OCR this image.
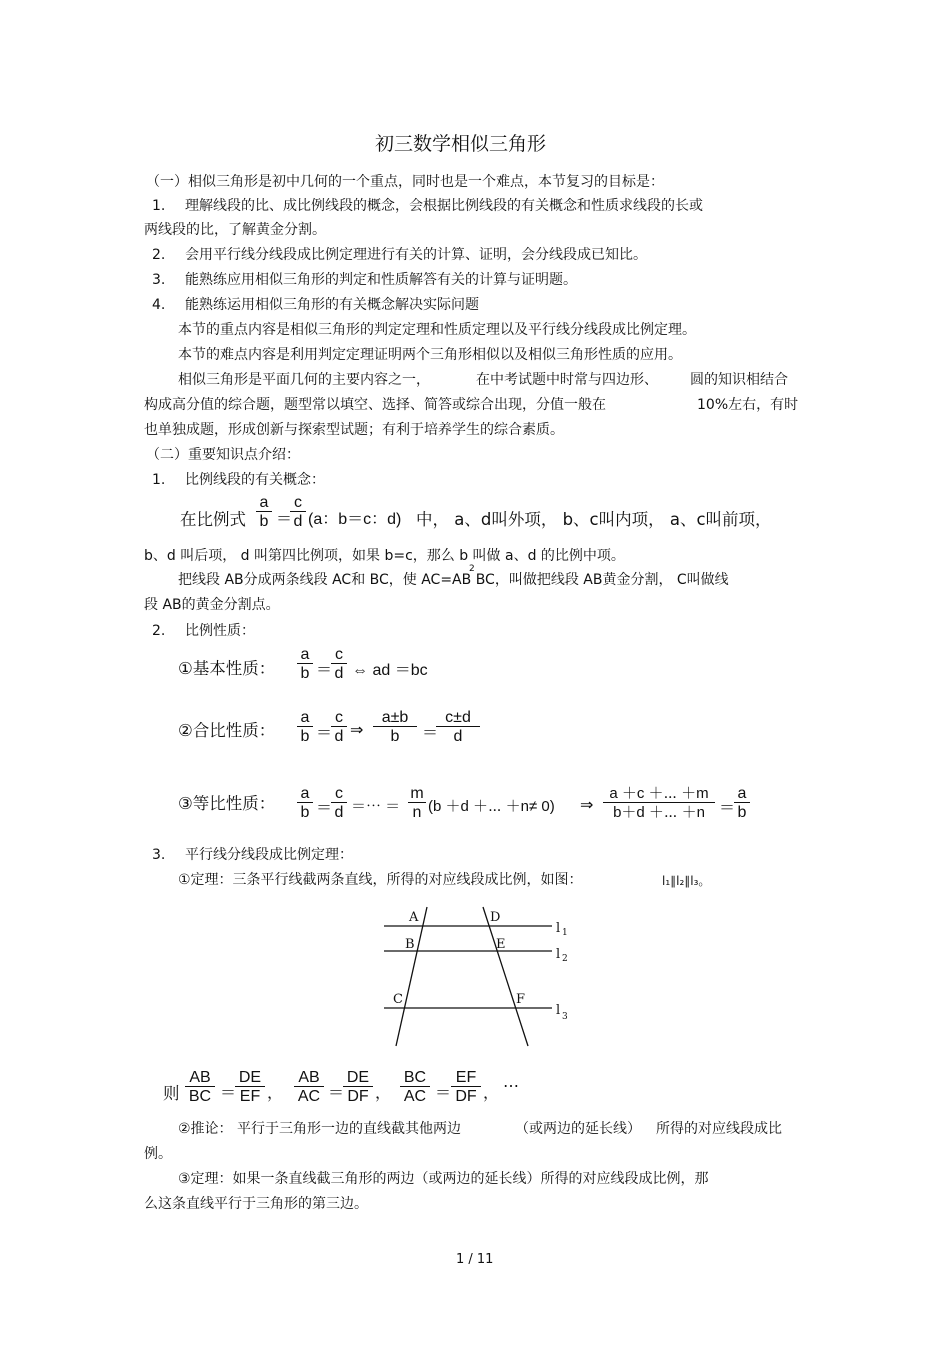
初三数学相似三角形
（一）相似三角形是初中几何的一个重点，同时也是一个难点，本节复习的目标是：
1. 理解线段的比、成比例线段的概念，会根据比例线段的有关概念和性质求线段的长或
两线段的比，了解黄金分割。
2. 会用平行线分线段成比例定理进行有关的计算、证明，会分线段成已知比。
3. 能熟练应用相似三角形的判定和性质解答有关的计算与证明题。
4. 能熟练运用相似三角形的有关概念解决实际问题
本节的重点内容是相似三角形的判定定理和性质定理以及平行线分线段成比例定理。
本节的难点内容是利用判定定理证明两个三角形相似以及相似三角形性质的应用。
相似三角形是平面几何的主要内容之一，	在中考试题中时常与四边形、 圆的知识相结合
构成高分值的综合题，题型常以填空、选择、简答或综合出现，分值一般在	10%左右，有时
也单独成题，形成创新与探索型试题；有利于培养学生的综合素质。
（二）重要知识点介绍：
1. 比例线段的有关概念：
在比例式 $\frac{a}{b}$ ＝
$\frac{c}{d} (a$：b＝c：d) 中， a、d叫外项， b、c叫内项， a、c叫前项，
b、d 叫后项， d 叫第四比例项，如果 b=c，那么 b 叫做 a、d 的比例中项。
把线段 AB分成两条线段 AC和 BC，使 AC=AB BC，叫做把线段 AB黄金分割， C叫做线
2
段 AB的黄金分割点。
2. 比例性质：
①基本性质： $\frac{a}{b}$ ＝
$\frac{c}{d}$ ⇔ ad ＝bc
②合比性质： $\frac{a}{b}$ ＝
$\frac{c}{d}$ ⇒ $\frac{a\pm b}{b}$ ＝
$\frac{c\pm d}{d}$
③等比性质： $\frac{a}{b}$ ＝
$\frac{c}{d}$ ＝⋯ ＝ $\frac{m}{n} (b +d$ ＋⋯ ＋n≠ 0) ⇒ $\frac{a +c +\cdots +m}{b+d +\cdots +n}$ ＝
$\frac{a}{b}$
3. 平行线分线段成比例定理：
①定理：三条平行线截两条直线，所得的对应线段成比例，如图：	l₁∥l₂∥l₃。
A	D
B	E
C	F
l 1
l 2
l 3
则 $\frac{AB}{BC}$ ＝
$\frac{DE}{EF}$ ， $\frac{AB}{AC}$ ＝
$\frac{DE}{DF}$ ， $\frac{BC}{AC} = \frac{EF}{DF}$ ， ⋯
②推论： 平行于三角形一边的直线截其他两边	（或两边的延长线） 所得的对应线段成比
例。
③定理：如果一条直线截三角形的两边（或两边的延长线）所得的对应线段成比例，那
么这条直线平行于三角形的第三边。
1 / 11
